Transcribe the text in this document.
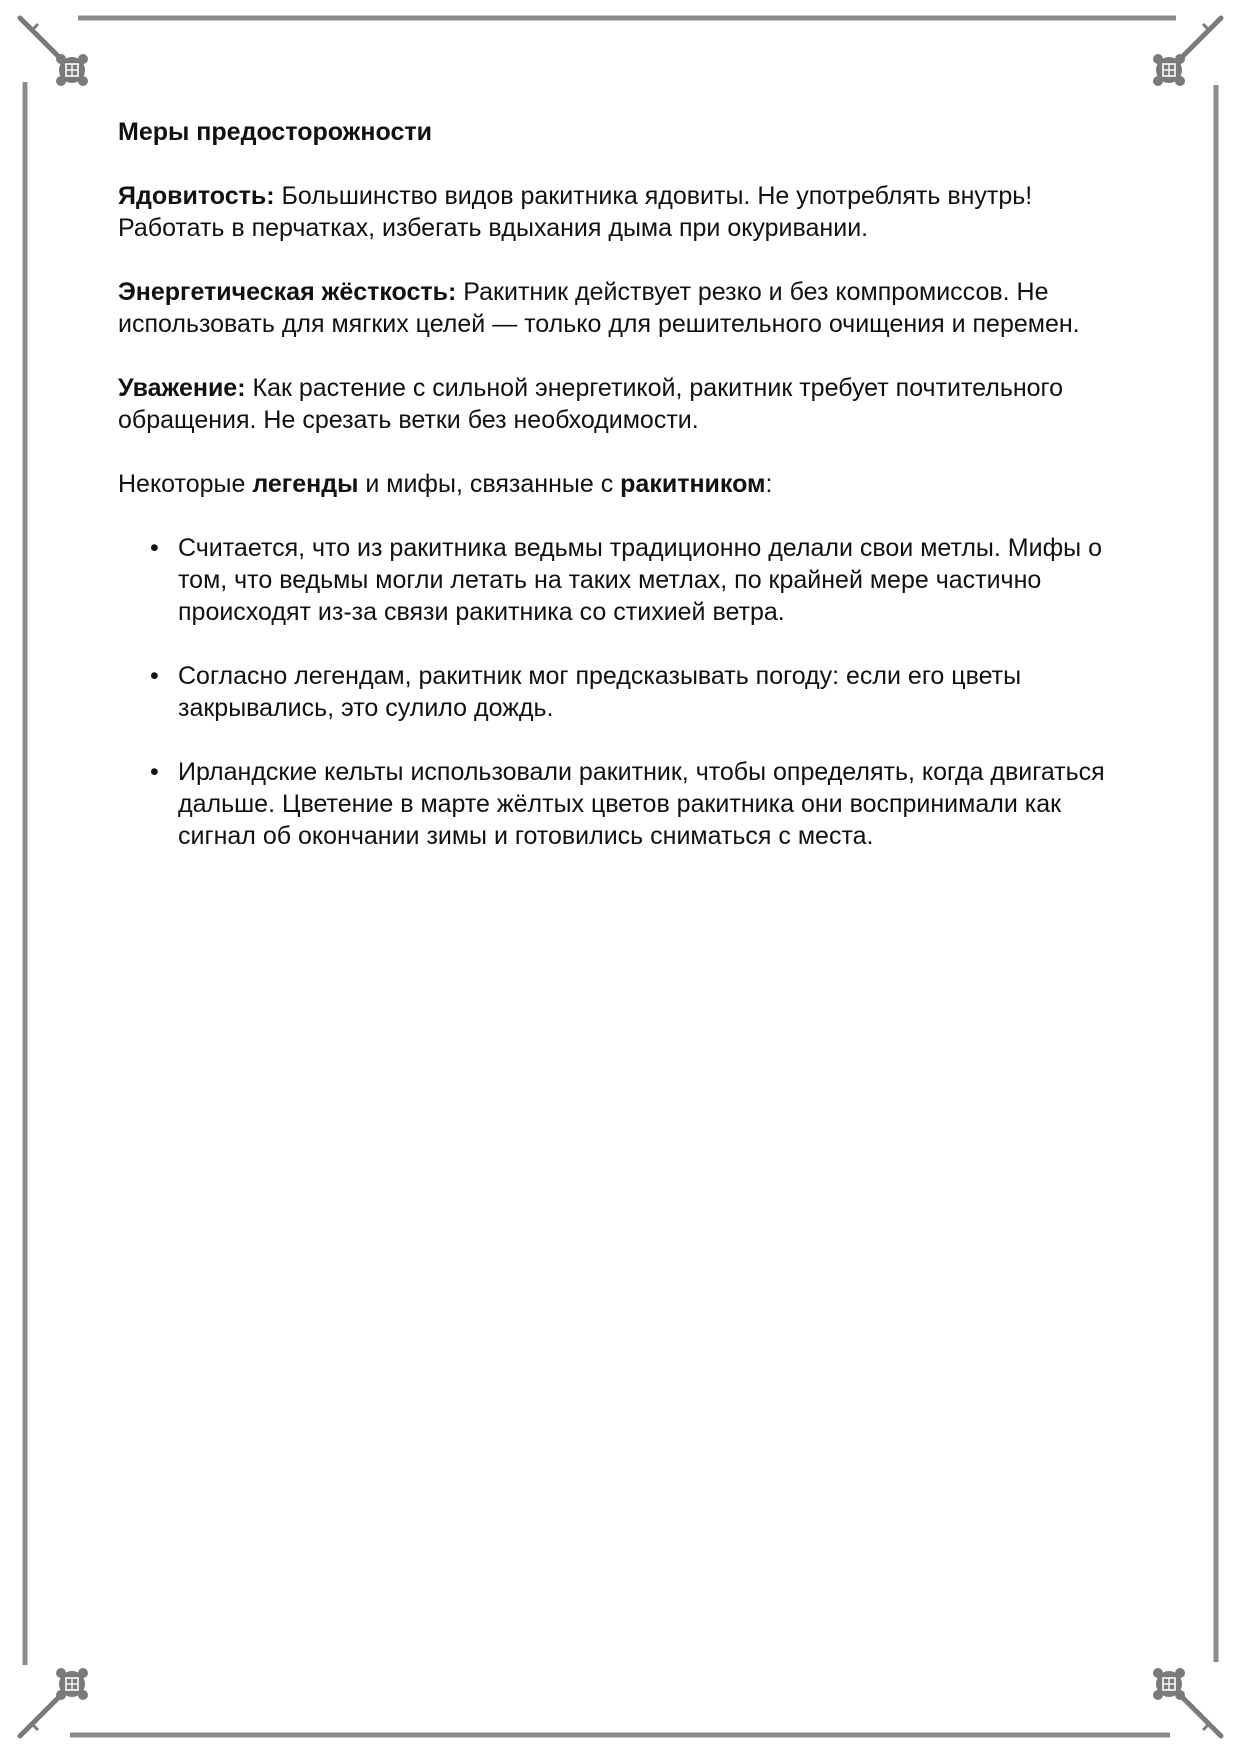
Меры предосторожности
Ядовитость: Большинство видов ракитника ядовиты. Не употреблять внутрь! Работать в перчатках, избегать вдыхания дыма при окуривании.
Энергетическая жёсткость: Ракитник действует резко и без компромиссов. Не использовать для мягких целей — только для решительного очищения и перемен.
Уважение: Как растение с сильной энергетикой, ракитник требует почтительного обращения. Не срезать ветки без необходимости.
Некоторые легенды и мифы, связанные с ракитником:
• Считается, что из ракитника ведьмы традиционно делали свои метлы. Мифы о том, что ведьмы могли летать на таких метлах, по крайней мере частично происходят из-за связи ракитника со стихией ветра.
• Согласно легендам, ракитник мог предсказывать погоду: если его цветы закрывались, это сулило дождь.
• Ирландские кельты использовали ракитник, чтобы определять, когда двигаться дальше. Цветение в марте жёлтых цветов ракитника они воспринимали как сигнал об окончании зимы и готовились сниматься с места.
